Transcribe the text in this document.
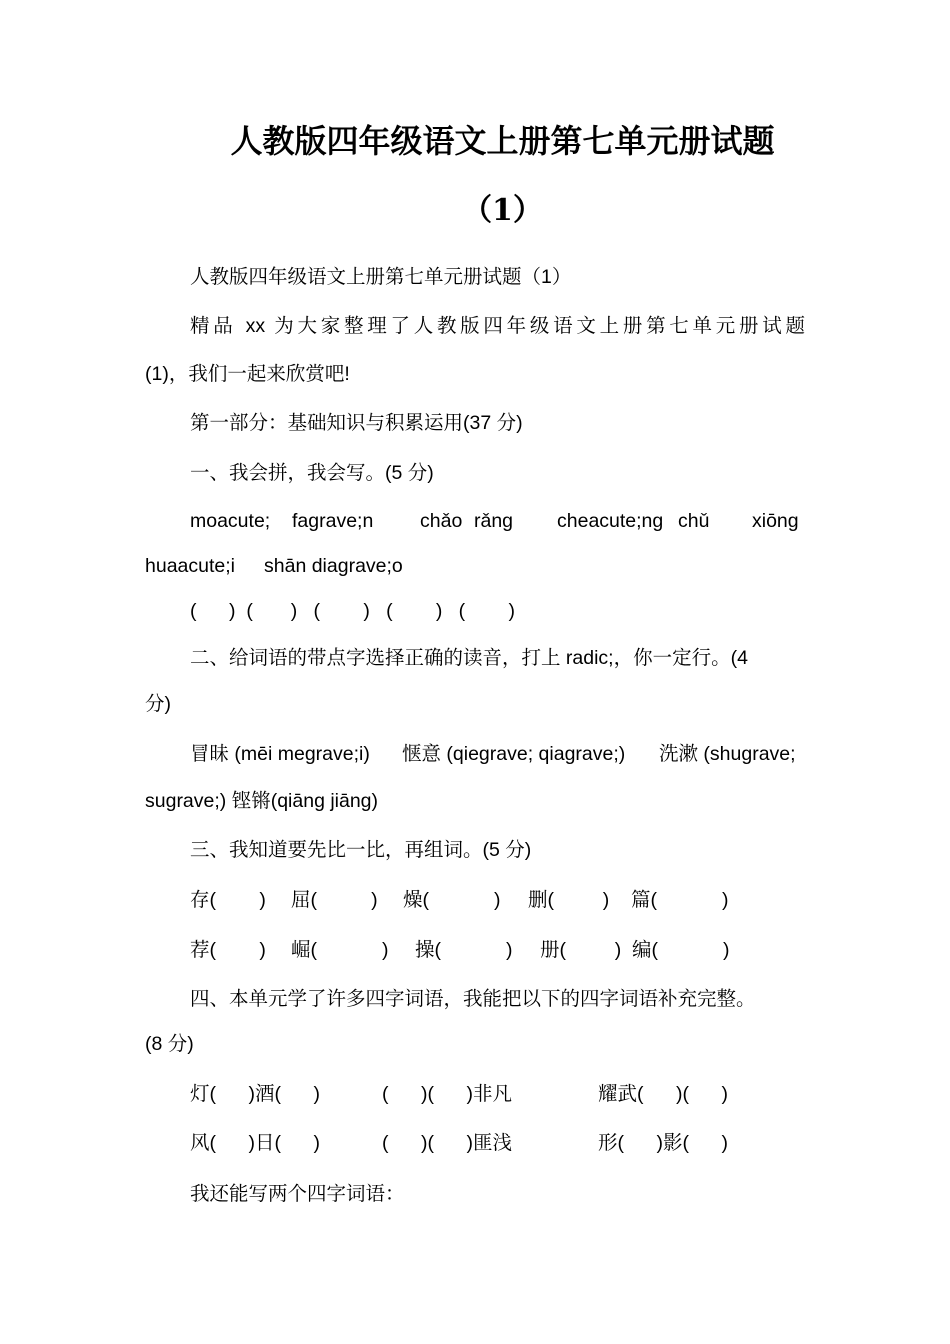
人教版四年级语文上册第七单元册试题
（1）
人教版四年级语文上册第七单元册试题（1）
精品 xx 为大家整理了人教版四年级语文上册第七单元册试题
(1)，我们一起来欣赏吧!
第一部分：基础知识与积累运用(37 分)
一、我会拼，我会写。(5 分)
moacute; fagrave;n chǎo rǎng cheacute;ng chǔ xiōng
huaacute;i shān diagrave;o
(      )  (       )   (        )   (        )   (        )
二、给词语的带点字选择正确的读音，打上 radic;，你一定行。(4
分)
冒昧 (mēi megrave;i) 惬意 (qiegrave; qiagrave;) 洗漱 (shugrave;
sugrave;) 铿锵(qiāng jiāng)
三、我知道要先比一比，再组词。(5 分)
存(        ) 屈(          ) 燥(            ) 删(         ) 篇(            )
荐(        ) 崛(            ) 操(            ) 册(         ) 编(            )
四、本单元学了许多四字词语，我能把以下的四字词语补充完整。
(8 分)
灯(      )酒(      )	(      )(      )非凡	耀武(      )(      )
风(      )日(      )	(      )(      )匪浅	形(      )影(      )
我还能写两个四字词语：
